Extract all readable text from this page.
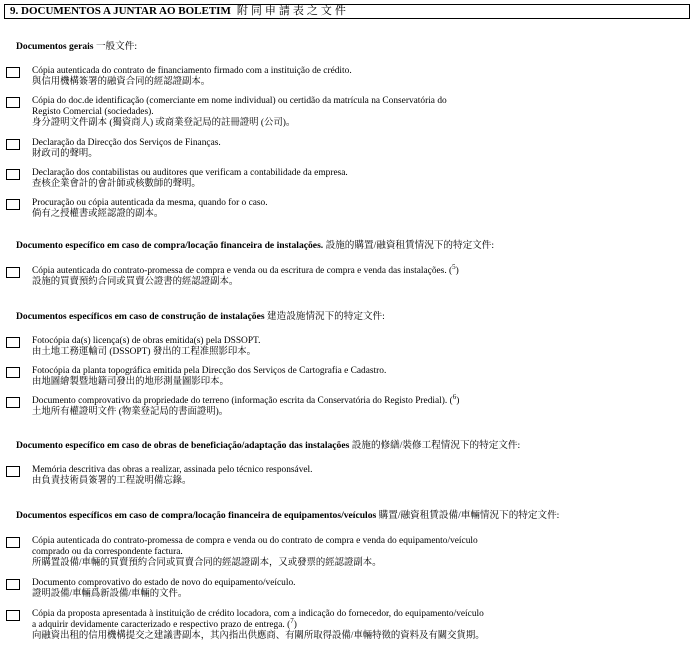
9. DOCUMENTOS A JUNTAR AO BOLETIM 附同申請表之文件
Documentos gerais 一般文件:
Cópia autenticada do contrato de financiamento firmado com a instituição de crédito.
與信用機構簽署的融資合同的經認證副本。
Cópia do doc.de identificação (comerciante em nome individual) ou certidão da matrícula na Conservatória do
Registo Comercial (sociedades).
身分證明文件副本 (獨資商人) 或商業登記局的註冊證明 (公司)。
Declaração da Direcção dos Serviços de Finanças.
財政司的聲明。
Declaração dos contabilistas ou auditores que verificam a contabilidade da empresa.
查核企業會計的會計師或核數師的聲明。
Procuração ou cópia autenticada da mesma, quando for o caso.
倘有之授權書或經認證的副本。
Documento específico em caso de compra/locação financeira de instalações. 設施的購置/融資租賃情況下的特定文件:
Cópia autenticada do contrato-promessa de compra e venda ou da escritura de compra e venda das instalações. ($^5$)
設施的買賣預約合同或買賣公證書的經認證副本。
Documentos específicos em caso de construção de instalações 建造設施情況下的特定文件:
Fotocópia da(s) licença(s) de obras emitida(s) pela DSSOPT.
由土地工務運輸司 (DSSOPT) 發出的工程准照影印本。
Fotocópia da planta topográfica emitida pela Direcção dos Serviços de Cartografia e Cadastro.
由地圖繪製暨地籍司發出的地形測量圖影印本。
Documento comprovativo da propriedade do terreno (informação escrita da Conservatória do Registo Predial). ($^6$)
土地所有權證明文件 (物業登記局的書面證明)。
Documento específico em caso de obras de beneficiação/adaptação das instalações 設施的修繕/裝修工程情況下的特定文件:
Memória descritiva das obras a realizar, assinada pelo técnico responsável.
由負責技術員簽署的工程說明備忘錄。
Documentos específicos em caso de compra/locação financeira de equipamentos/veículos 購置/融資租賃設備/車輛情況下的特定文件:
Cópia autenticada do contrato-promessa de compra e venda ou do contrato de compra e venda do equipamento/veículo
comprado ou da correspondente factura.
所購置設備/車輛的買賣預約合同或買賣合同的經認證副本，又或發票的經認證副本。
Documento comprovativo do estado de novo do equipamento/veículo.
證明設備/車輛爲新設備/車輛的文件。
Cópia da proposta apresentada à instituição de crédito locadora, com a indicação do fornecedor, do equipamento/veículo
a adquirir devidamente caracterizado e respectivo prazo de entrega. ($^7$)
向融資出租的信用機構提交之建議書副本，其內指出供應商、有關所取得設備/車輛特徵的資料及有關交貨期。
